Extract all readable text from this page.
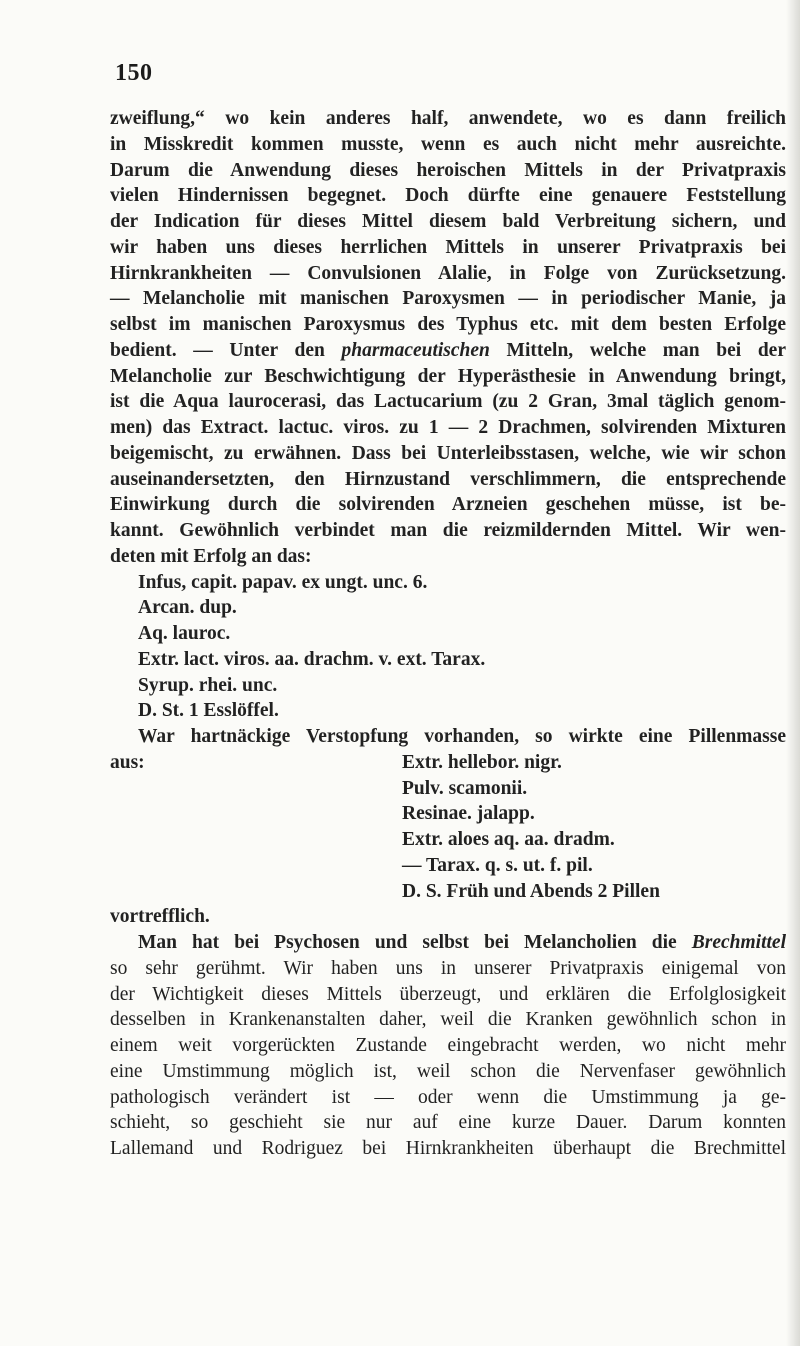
150
zweiflung,“ wo kein anderes half, anwendete, wo es dann freilich
in Misskredit kommen musste, wenn es auch nicht mehr ausreichte.
Darum die Anwendung dieses heroischen Mittels in der Privatpraxis
vielen Hindernissen begegnet. Doch dürfte eine genauere Feststellung
der Indication für dieses Mittel diesem bald Verbreitung sichern, und
wir haben uns dieses herrlichen Mittels in unserer Privatpraxis bei
Hirnkrankheiten — Convulsionen Alalie, in Folge von Zurücksetzung.
— Melancholie mit manischen Paroxysmen — in periodischer Manie, ja
selbst im manischen Paroxysmus des Typhus etc. mit dem besten Erfolge
bedient. — Unter den pharmaceutischen Mitteln, welche man bei der
Melancholie zur Beschwichtigung der Hyperästhesie in Anwendung bringt,
ist die Aqua laurocerasi, das Lactucarium (zu 2 Gran, 3mal täglich genom-
men) das Extract. lactuc. viros. zu 1 — 2 Drachmen, solvirenden Mixturen
beigemischt, zu erwähnen. Dass bei Unterleibsstasen, welche, wie wir schon
auseinandersetzten, den Hirnzustand verschlimmern, die entsprechende
Einwirkung durch die solvirenden Arzneien geschehen müsse, ist be-
kannt. Gewöhnlich verbindet man die reizmildernden Mittel. Wir wen-
deten mit Erfolg an das:
Infus, capit. papav. ex ungt. unc. 6.
Arcan. dup.
Aq. lauroc.
Extr. lact. viros. aa. drachm. v. ext. Tarax.
Syrup. rhei. unc.
D. St. 1 Esslöffel.
War hartnäckige Verstopfung vorhanden, so wirkte eine Pillenmasse
aus:	Extr. hellebor. nigr.
Pulv. scamonii.
Resinae. jalapp.
Extr. aloes aq. aa. dradm.
— Tarax. q. s. ut. f. pil.
D. S. Früh und Abends 2 Pillen
vortrefflich.
Man hat bei Psychosen und selbst bei Melancholien die Brechmittel
so sehr gerühmt. Wir haben uns in unserer Privatpraxis einigemal von
der Wichtigkeit dieses Mittels überzeugt, und erklären die Erfolglosigkeit
desselben in Krankenanstalten daher, weil die Kranken gewöhnlich schon in
einem weit vorgerückten Zustande eingebracht werden, wo nicht mehr
eine Umstimmung möglich ist, weil schon die Nervenfaser gewöhnlich
pathologisch verändert ist — oder wenn die Umstimmung ja ge-
schieht, so geschieht sie nur auf eine kurze Dauer. Darum konnten
Lallemand und Rodriguez bei Hirnkrankheiten überhaupt die Brechmittel
